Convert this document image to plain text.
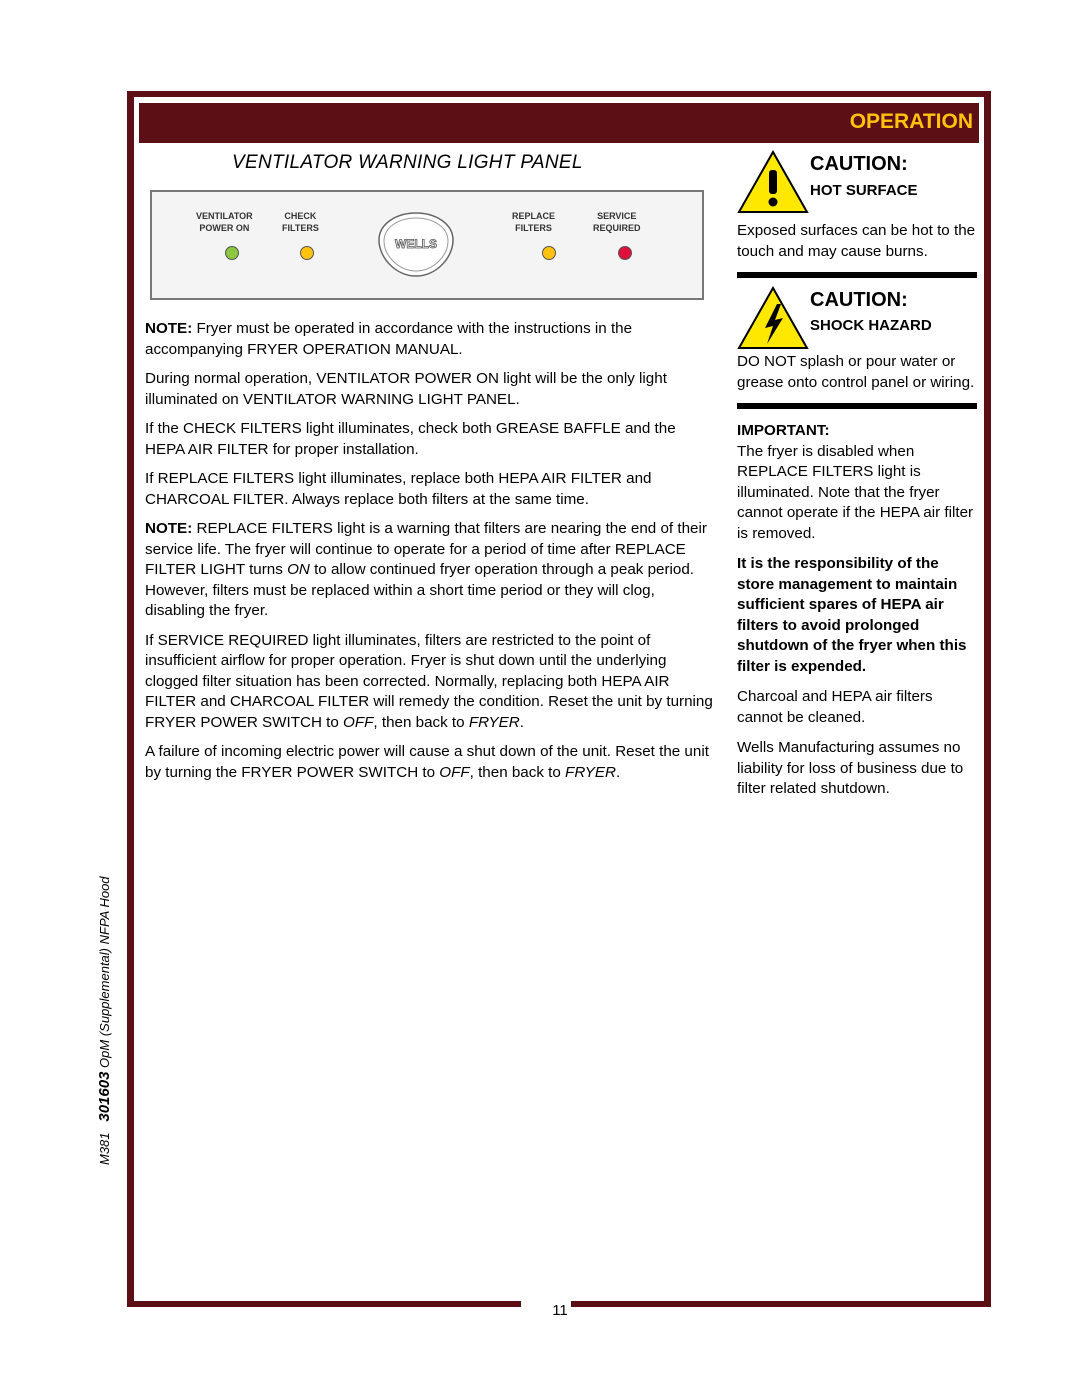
OPERATION
M381   301603 OpM (Supplemental) NFPA Hood
VENTILATOR WARNING LIGHT PANEL
VENTILATOR
POWER ON
CHECK
FILTERS
REPLACE
FILTERS
SERVICE
REQUIRED
WELLS

NOTE: Fryer must be operated in accordance with the instructions in the accompanying FRYER OPERATION MANUAL.

During normal operation, VENTILATOR POWER ON light will be the only light illuminated on VENTILATOR WARNING LIGHT PANEL.

If the CHECK FILTERS light illuminates, check both GREASE BAFFLE and the HEPA AIR FILTER for proper installation.

If REPLACE FILTERS light illuminates, replace both HEPA AIR FILTER and CHARCOAL FILTER. Always replace both filters at the same time.

NOTE: REPLACE FILTERS light is a warning that filters are nearing the end of their service life. The fryer will continue to operate for a period of time after REPLACE FILTER LIGHT turns ON to allow continued fryer operation through a peak period. However, filters must be replaced within a short time period or they will clog, disabling the fryer.

If SERVICE REQUIRED light illuminates, filters are restricted to the point of insufficient airflow for proper operation. Fryer is shut down until the underlying clogged filter situation has been corrected. Normally, replacing both HEPA AIR FILTER and CHARCOAL FILTER will remedy the condition. Reset the unit by turning FRYER POWER SWITCH to OFF, then back to FRYER.

A failure of incoming electric power will cause a shut down of the unit. Reset the unit by turning the FRYER POWER SWITCH to OFF, then back to FRYER.

CAUTION:
HOT SURFACE

Exposed surfaces can be hot to the touch and may cause burns.

CAUTION:
SHOCK HAZARD

DO NOT splash or pour water or grease onto control panel or wiring.

IMPORTANT:

The fryer is disabled when REPLACE FILTERS light is illuminated. Note that the fryer cannot operate if the HEPA air filter is removed.

It is the responsibility of the store management to maintain sufficient spares of HEPA air filters to avoid prolonged shutdown of the fryer when this filter is expended.

Charcoal and HEPA air filters cannot be cleaned.

Wells Manufacturing assumes no liability for loss of business due to filter related shutdown.

11
